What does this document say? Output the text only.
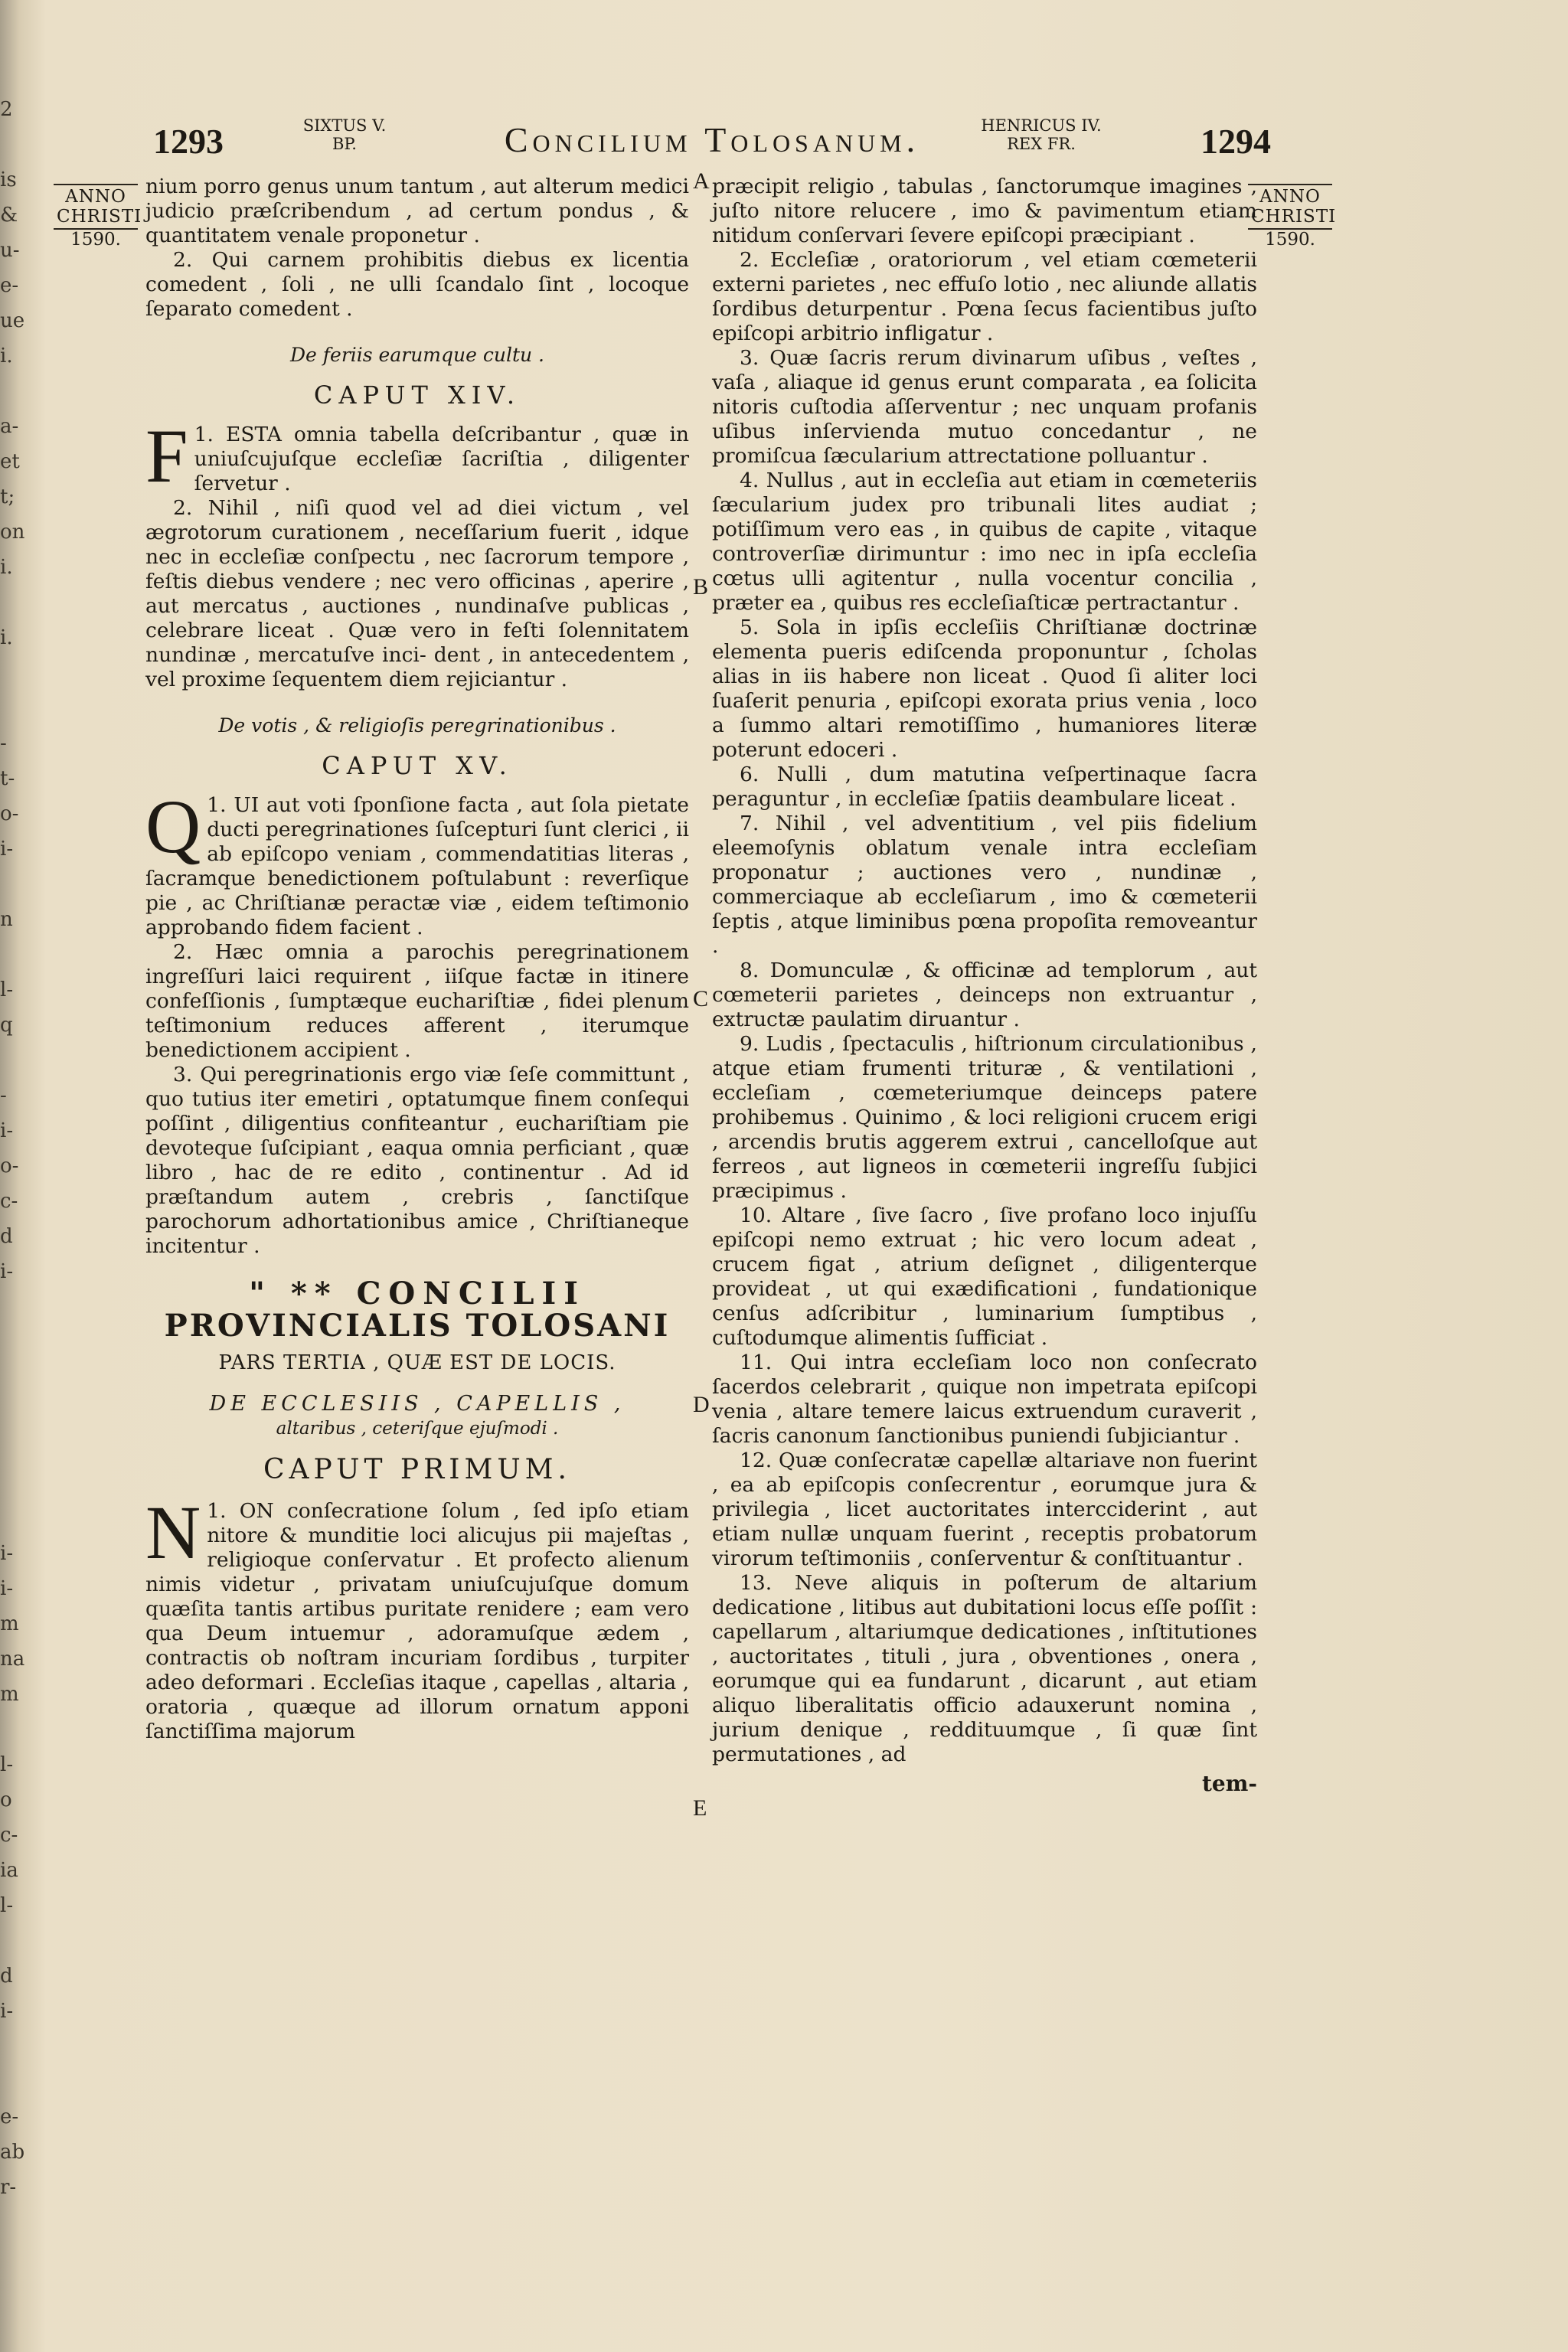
2

is
&
u-
e-
ue
i.

a-
et
t;
on
i.

i.

-
t-
o-
i-

n

l-
q

-
i-
o-
c-
d
i-

i-
i-
m
na
m

l-
o
c-
ia
l-

d
i-

e-
ab
r-
1293	SIXTUS V.
BP.	Concilium Tolosanum.	HENRICUS IV.
REX FR.	1294
ANNO
CHRISTI
1590.
ANNO
CHRISTI
1590.
A
B
C
D
E

nium porro genus unum tantum , aut alterum medici judicio præſcribendum , ad certum pondus , & quantitatem venale proponetur .

2. Qui carnem prohibitis diebus ex licentia comedent , ſoli , ne ulli ſcandalo ſint , locoque ſeparato comedent .

De feriis earumque cultu .

CAPUT XIV.

1.
F	ESTA omnia tabella deſcribantur , quæ in uniuſcujuſque eccleſiæ ſacriſtia , diligenter ſervetur .

2. Nihil , niſi quod vel ad diei victum , vel ægrotorum curationem , neceſſarium fuerit , idque nec in eccleſiæ conſpectu , nec ſacrorum tempore , feſtis diebus vendere ; nec vero officinas , aperire , aut mercatus , auctiones , nundinaſve publicas , celebrare liceat . Quæ vero in feſti ſolennitatem nundinæ , mercatuſve inci- dent , in antecedentem , vel proxime ſequentem diem rejiciantur .

De votis , & religioſis peregrinationibus .

CAPUT XV.

1.
Q	UI aut voti ſponſione facta , aut ſola pietate ducti peregrinationes ſuſcepturi ſunt clerici , ii ab epiſcopo veniam , commendatitias literas , ſacramque benedictionem poſtulabunt : reverſique pie , ac Chriſtianæ peractæ viæ , eidem teſtimonio approbando fidem facient .

2. Hæc omnia a parochis peregrinationem ingreſſuri laici requirent , iiſque factæ in itinere confeſſionis , ſumptæque euchariſtiæ , fidei plenum teſtimonium reduces afferent , iterumque benedictionem accipient .

3. Qui peregrinationis ergo viæ ſeſe committunt , quo tutius iter emetiri , optatumque finem conſequi poſſint , diligentius confiteantur , euchariſtiam pie devoteque ſuſcipiant , eaqua omnia perficiant , quæ libro , hac de re edito , continentur . Ad id præſtandum autem , crebris , ſanctiſque parochorum adhortationibus amice , Chriſtianeque incitentur .

" ** CONCILII

PROVINCIALIS TOLOSANI

PARS TERTIA , QUÆ EST DE LOCIS.

DE ECCLESIIS , CAPELLIS ,

altaribus , ceteriſque ejuſmodi .

CAPUT PRIMUM.

1.
N	ON conſecratione ſolum , ſed ipſo etiam nitore & munditie loci alicujus pii majeſtas , religioque conſervatur . Et profecto alienum nimis videtur , privatam uniuſcujuſque domum quæſita tantis artibus puritate renidere ; eam vero qua Deum intuemur , adoramuſque ædem , contractis ob noſtram incuriam ſordibus , turpiter adeo deformari . Eccleſias itaque , capellas , altaria , oratoria , quæque ad illorum ornatum apponi ſanctiſſima majorum

præcipit religio , tabulas , ſanctorumque imagines , juſto nitore relucere , imo & pavimentum etiam nitidum conſervari ſevere epiſcopi præcipiant .

2. Eccleſiæ , oratoriorum , vel etiam cœmeterii externi parietes , nec effuſo lotio , nec aliunde allatis ſordibus deturpentur . Pœna ſecus facientibus juſto epiſcopi arbitrio infligatur .

3. Quæ ſacris rerum divinarum uſibus , veſtes , vaſa , aliaque id genus erunt comparata , ea ſolicita nitoris cuſtodia aſſerventur ; nec unquam profanis uſibus inſervienda mutuo concedantur , ne promiſcua ſæcularium attrectatione polluantur .

4. Nullus , aut in eccleſia aut etiam in cœmeteriis ſæcularium judex pro tribunali lites audiat ; potiſſimum vero eas , in quibus de capite , vitaque controverſiæ dirimuntur : imo nec in ipſa eccleſia cœtus ulli agitentur , nulla vocentur concilia , præter ea , quibus res eccleſiaſticæ pertractantur .

5. Sola in ipſis eccleſiis Chriſtianæ doctrinæ elementa pueris ediſcenda proponuntur , ſcholas alias in iis habere non liceat . Quod ſi aliter loci ſuaſerit penuria , epiſcopi exorata prius venia , loco a ſummo altari remotiſſimo , humaniores literæ poterunt edoceri .

6. Nulli , dum matutina veſpertinaque ſacra peraguntur , in eccleſiæ ſpatiis deambulare liceat .

7. Nihil , vel adventitium , vel piis fidelium eleemoſynis oblatum venale intra eccleſiam proponatur ; auctiones vero , nundinæ , commerciaque ab eccleſiarum , imo & cœmeterii ſeptis , atque liminibus pœna propoſita removeantur .

8. Domunculæ , & officinæ ad templorum , aut cœmeterii parietes , deinceps non extruantur , extructæ paulatim diruantur .

9. Ludis , ſpectaculis , hiſtrionum circulationibus , atque etiam frumenti trituræ , & ventilationi , eccleſiam , cœmeteriumque deinceps patere prohibemus . Quinimo , & loci religioni crucem erigi , arcendis brutis aggerem extrui , cancelloſque aut ferreos , aut ligneos in cœmeterii ingreſſu ſubjici præcipimus .

10. Altare , ſive ſacro , ſive profano loco injuſſu epiſcopi nemo extruat ; hic vero locum adeat , crucem figat , atrium deſignet , diligenterque provideat , ut qui exædificationi , fundationique cenſus adſcribitur , luminarium ſumptibus , cuſtodumque alimentis ſufficiat .

11. Qui intra eccleſiam loco non conſecrato ſacerdos celebrarit , quique non impetrata epiſcopi venia , altare temere laicus extruendum curaverit , ſacris canonum ſanctionibus puniendi ſubjiciantur .

12. Quæ conſecratæ capellæ altariave non fuerint , ea ab epiſcopis conſecrentur , eorumque jura & privilegia , licet auctoritates intercciderint , aut etiam nullæ unquam fuerint , receptis probatorum virorum teſtimoniis , conſerventur & conſtituantur .

13. Neve aliquis in poſterum de altarium dedicatione , litibus aut dubitationi locus eſſe poſſit : capellarum , altariumque dedicationes , inſtitutiones , auctoritates , tituli , jura , obventiones , onera , eorumque qui ea fundarunt , dicarunt , aut etiam aliquo liberalitatis officio adauxerunt nomina , jurium denique , reddituumque , ſi quæ ſint permutationes , ad

tem-
